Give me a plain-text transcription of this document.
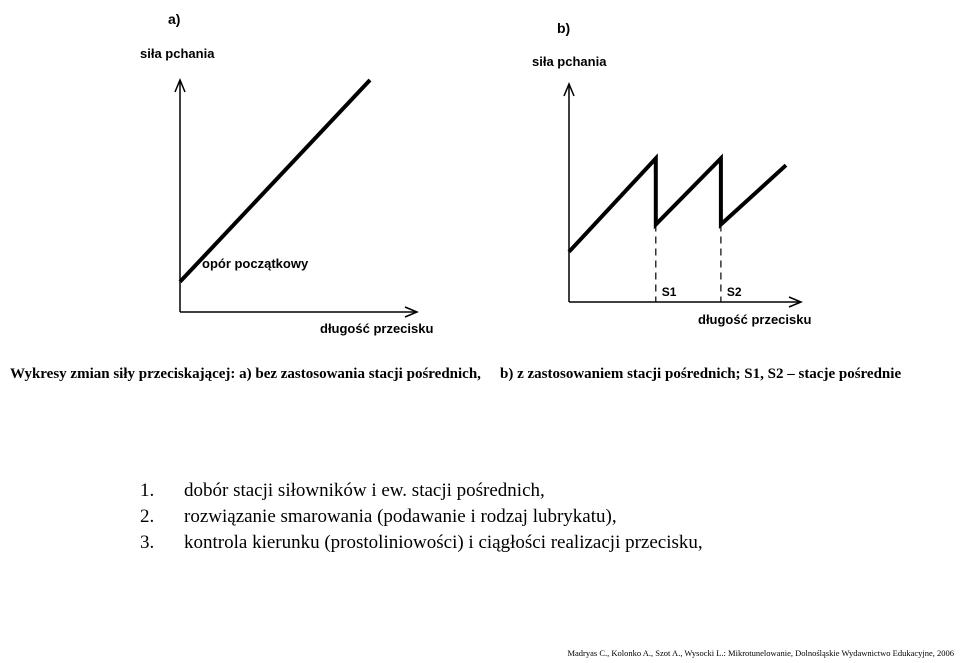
a)
siła pchania
opór początkowy
długość przecisku
b)
siła pchania
S1	S2
długość przecisku
Wykresy zmian siły przeciskającej: a) bez zastosowania stacji pośrednich, b) z zastosowaniem stacji pośrednich; S1, S2 – stacje pośrednie
1.	dobór stacji siłowników i ew. stacji pośrednich,
2.	rozwiązanie smarowania (podawanie i rodzaj lubrykatu),
3.	kontrola kierunku (prostoliniowości) i ciągłości realizacji przecisku,
Madryas C., Kolonko A., Szot A., Wysocki L.: Mikrotunelowanie, Dolnośląskie Wydawnictwo Edukacyjne, 2006
